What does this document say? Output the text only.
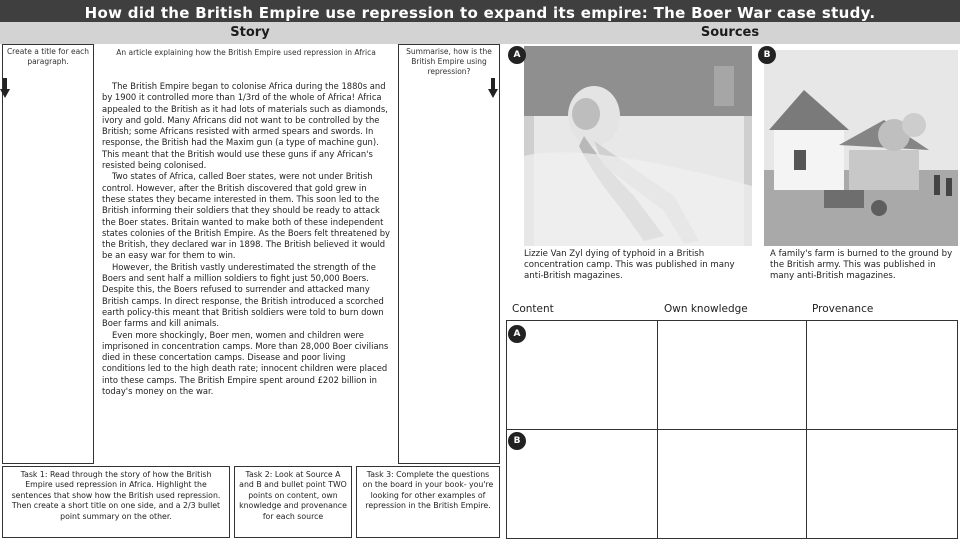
How did the British Empire use repression to expand its empire: The Boer War case study.
Story	Sources
Create a title for each paragraph.
An article explaining how the British Empire used repression in Africa

The British Empire began to colonise Africa during the 1880s and by 1900 it controlled more than 1/3rd of the whole of Africa! Africa appealed to the British as it had lots of materials such as diamonds, ivory and gold. Many Africans did not want to be controlled by the British; some Africans resisted with armed spears and swords. In response, the British had the Maxim gun (a type of machine gun). This meant that the British would use these guns if any African's resisted being colonised.

Two states of Africa, called Boer states, were not under British control. However, after the British discovered that gold grew in these states they became interested in them. This soon led to the British informing their soldiers that they should be ready to attack the Boer states. Britain wanted to make both of these independent states colonies of the British Empire. As the Boers felt threatened by the British, they declared war in 1898. The British believed it would be an easy war for them to win.

However, the British vastly underestimated the strength of the Boers and sent half a million soldiers to fight just 50,000 Boers. Despite this, the Boers refused to surrender and attacked many British camps. In direct response, the British introduced a scorched earth policy-this meant that British soldiers were told to burn down Boer farms and kill animals.

Even more shockingly, Boer men, women and children were imprisoned in concentration camps. More than 28,000 Boer civilians died in these concertation camps. Disease and poor living conditions led to the high death rate; innocent children were placed into these camps. The British Empire spent around £202 billion in today's money on the war.

Summarise, how is the British Empire using repression?
Task 1: Read through the story of how the British Empire used repression in Africa. Highlight the sentences that show how the British used repression. Then create a short title on one side, and a 2/3 bullet point summary on the other.
Task 2: Look at Source A and B and bullet point TWO points on content, own knowledge and provenance for each source
Task 3: Complete the questions on the board in your book- you're looking for other examples of repression in the British Empire.
A
Lizzie Van Zyl dying of typhoid in a British concentration camp. This was published in many anti-British magazines.
B
A family's farm is burned to the ground by the British army. This was published in many anti-British magazines.
Content	Own knowledge	Provenance
A
B
